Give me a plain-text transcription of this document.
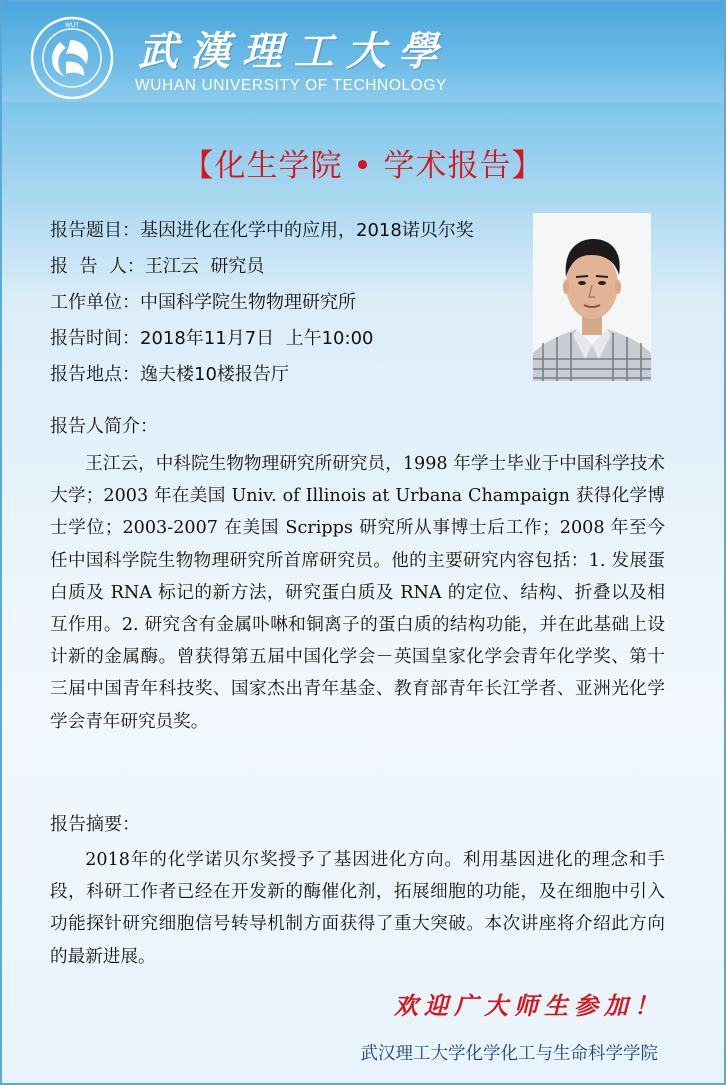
WUT
武漢理工大學
WUHAN UNIVERSITY OF TECHNOLOGY
【化生学院 • 学术报告】
报告题目：基因进化在化学中的应用，2018诺贝尔奖
报  告  人：王江云  研究员
工作单位：中国科学院生物物理研究所
报告时间：2018年11月7日  上午10:00
报告地点：逸夫楼10楼报告厅
报告人简介：
王江云，中科院生物物理研究所研究员，1998 年学士毕业于中国科学技术大学；2003 年在美国 Univ. of Illinois at Urbana Champaign 获得化学博士学位；2003-2007 在美国 Scripps 研究所从事博士后工作；2008 年至今任中国科学院生物物理研究所首席研究员。他的主要研究内容包括：1. 发展蛋白质及 RNA 标记的新方法，研究蛋白质及 RNA 的定位、结构、折叠以及相互作用。2. 研究含有金属卟啉和铜离子的蛋白质的结构功能，并在此基础上设计新的金属酶。曾获得第五届中国化学会－英国皇家化学会青年化学奖、第十三届中国青年科技奖、国家杰出青年基金、教育部青年长江学者、亚洲光化学学会青年研究员奖。
报告摘要：
2018年的化学诺贝尔奖授予了基因进化方向。利用基因进化的理念和手段，科研工作者已经在开发新的酶催化剂，拓展细胞的功能，及在细胞中引入功能探针研究细胞信号转导机制方面获得了重大突破。本次讲座将介绍此方向的最新进展。
欢迎广大师生参加！
武汉理工大学化学化工与生命科学学院
